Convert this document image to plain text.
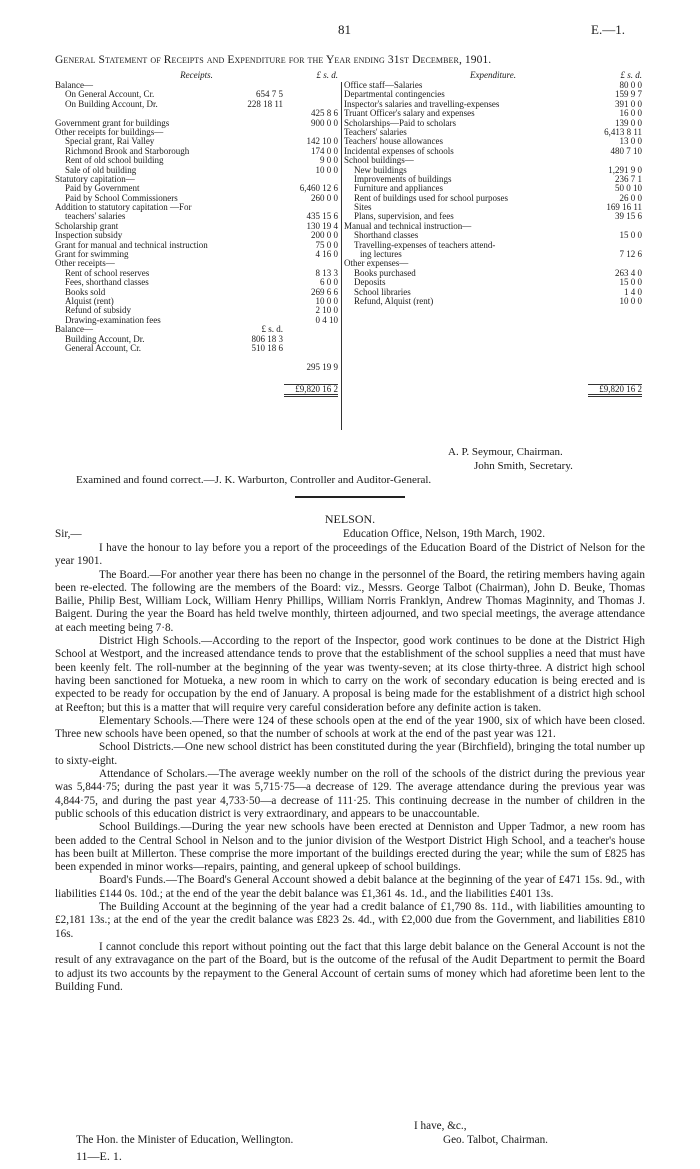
81	E.—1.
General Statement of Receipts and Expenditure for the Year ending 31st December, 1901.
Receipts.	£ s. d.
Balance—
On General Account, Cr.	654 7 5
On Building Account, Dr.	228 18 11
425 8 6
Government grant for buildings	900 0 0
Other receipts for buildings—
Special grant, Rai Valley	142 10 0
Richmond Brook and Starborough	174 0 0
Rent of old school building	9 0 0
Sale of old building	10 0 0
Statutory capitation—
Paid by Government	6,460 12 6
Paid by School Commissioners	260 0 0
Addition to statutory capitation —For
teachers' salaries	435 15 6
Scholarship grant	130 19 4
Inspection subsidy	200 0 0
Grant for manual and technical instruction	75 0 0
Grant for swimming	4 16 0
Other receipts—
Rent of school reserves	8 13 3
Fees, shorthand classes	6 0 0
Books sold	269 6 6
Alquist (rent)	10 0 0
Refund of subsidy	2 10 0
Drawing-examination fees	0 4 10
Balance—	£ s. d.
Building Account, Dr.	806 18 3
General Account, Cr.	510 18 6
295 19 9
£9,820 16 2
Expenditure.	£ s. d.
Office staff—Salaries	80 0 0
Departmental contingencies	159 9 7
Inspector's salaries and travelling-expenses	391 0 0
Truant Officer's salary and expenses	16 0 0
Scholarships—Paid to scholars	139 0 0
Teachers' salaries	6,413 8 11
Teachers' house allowances	13 0 0
Incidental expenses of schools	480 7 10
School buildings—
New buildings	1,291 9 0
Improvements of buildings	236 7 1
Furniture and appliances	50 0 10
Rent of buildings used for school purposes	26 0 0
Sites	169 16 11
Plans, supervision, and fees	39 15 6
Manual and technical instruction—
Shorthand classes	15 0 0
Travelling-expenses of teachers attend-
ing lectures	7 12 6
Other expenses—
Books purchased	263 4 0
Deposits	15 0 0
School libraries	1 4 0
Refund, Alquist (rent)	10 0 0
£9,820 16 2
A. P. Seymour, Chairman.
John Smith, Secretary.
Examined and found correct.—J. K. Warburton, Controller and Auditor-General.
NELSON.
Sir,—	Education Office, Nelson, 19th March, 1902.

I have the honour to lay before you a report of the proceedings of the Education Board of the District of Nelson for the year 1901.

The Board.—For another year there has been no change in the personnel of the Board, the retiring members having again been re-elected. The following are the members of the Board: viz., Messrs. George Talbot (Chairman), John D. Beuke, Thomas Bailie, Philip Best, William Lock, William Henry Phillips, William Norris Franklyn, Andrew Thomas Maginnity, and Thomas J. Baigent. During the year the Board has held twelve monthly, thirteen adjourned, and two special meetings, the average attendance at each meeting being 7·8.

District High Schools.—According to the report of the Inspector, good work continues to be done at the District High School at Westport, and the increased attendance tends to prove that the establishment of the school supplies a need that must have been keenly felt. The roll-number at the beginning of the year was twenty-seven; at its close thirty-three. A district high school having been sanctioned for Motueka, a new room in which to carry on the work of secondary education is being erected and is expected to be ready for occupation by the end of January. A proposal is being made for the establishment of a district high school at Reefton; but this is a matter that will require very careful consideration before any definite action is taken.

Elementary Schools.—There were 124 of these schools open at the end of the year 1900, six of which have been closed. Three new schools have been opened, so that the number of schools at work at the end of the past year was 121.

School Districts.—One new school district has been constituted during the year (Birchfield), bringing the total number up to sixty-eight.

Attendance of Scholars.—The average weekly number on the roll of the schools of the district during the previous year was 5,844·75; during the past year it was 5,715·75—a decrease of 129. The average attendance during the previous year was 4,844·75, and during the past year 4,733·50—a decrease of 111·25. This continuing decrease in the number of children in the public schools of this education district is very extraordinary, and appears to be unaccountable.

School Buildings.—During the year new schools have been erected at Denniston and Upper Tadmor, a new room has been added to the Central School in Nelson and to the junior division of the Westport District High School, and a teacher's house has been built at Millerton. These comprise the more important of the buildings erected during the year; while the sum of £825 has been expended in minor works—repairs, painting, and general upkeep of school buildings.

Board's Funds.—The Board's General Account showed a debit balance at the beginning of the year of £471 15s. 9d., with liabilities £144 0s. 10d.; at the end of the year the debit balance was £1,361 4s. 1d., and the liabilities £401 13s.

The Building Account at the beginning of the year had a credit balance of £1,790 8s. 11d., with liabilities amounting to £2,181 13s.; at the end of the year the credit balance was £823 2s. 4d., with £2,000 due from the Government, and liabilities £810 16s.

I cannot conclude this report without pointing out the fact that this large debit balance on the General Account is not the result of any extravagance on the part of the Board, but is the outcome of the refusal of the Audit Department to permit the Board to adjust its two accounts by the repayment to the General Account of certain sums of money which had aforetime been lent to the Building Fund.

I have, &c.,
The Hon. the Minister of Education, Wellington.	Geo. Talbot, Chairman.
11—E. 1.
